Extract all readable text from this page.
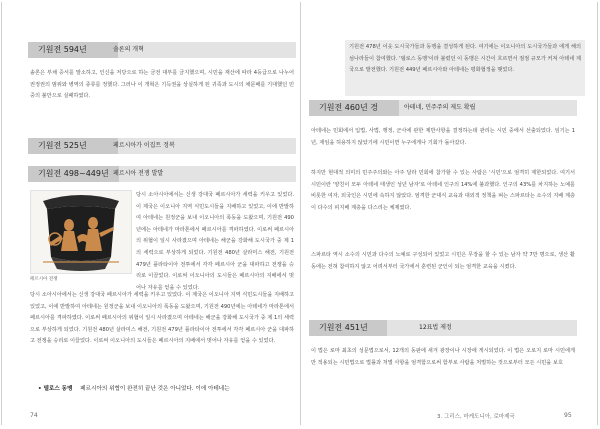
기원전 594년	솔론의 개혁
솔론은 부채 증서를 말소하고, 인신을 저당으로 하는 금전 대부를 금지했으며, 시민을 재산에 따라 4등급으로 나누어 권정권의 범위와 병역의 종류를 정했다. 그러나 이 개혁은 기득권을 상실하게 된 귀족과 도시의 채문배를 기대했던 민중의 불만으로 실패하였다.
기원전 525년	페르시아가 이집트 정복
기원전 498~449년 페르시아 전쟁 발발
페르시아 전쟁
당시 소아시아에서는 신생 강대국 페르시아가 세력을 키우고 있었다. 이 제국은 이오니아 지역 식민도시들을 지배하고 있었고, 이에 반발하여 아테네는 원정군을 보내 이오니아의 폭동을 도왔으며, 기원전 490년에는 아테네가 마라톤에서 페르시아를 격파하였다. 이로써 페르시아의 위협이 일시 사라졌으며 아테네는 해군을 강화해 도시국가 중 제 1의 세력으로 부상하게 되었다. 기원전 480년 살라미스 해전, 기원전 479년 플라타이아 전투에서 각각 페르시아 군을 대파하고 전쟁을 승리로 이끌었다. 이로써 이오니아의 도시들은 페르시아의 지배에서 벗어나 자유를 얻을 수 있었다.
당시 소아시아에서는 신생 강대국 페르시아가 세력을 키우고 있었다. 이 제국은 이오니아 지역 식민도시들을 지배하고 있었고, 이에 반발하여 아테네는 원정군을 보내 이오니아의 폭동을 도왔으며, 기원전 490년에는 아테네가 마라톤에서 페르시아를 격파하였다. 이로써 페르시아의 위협이 일시 사라졌으며 아테네는 해군을 강화해 도시국가 중 제 1의 세력으로 부상하게 되었다. 기원전 480년 살라미스 해전, 기원전 479년 플라타이아 전투에서 각각 페르시아 군을 대파하고 전쟁을 승리로 이끌었다. 이로써 이오니아의 도시들은 페르시아의 지배에서 벗어나 자유를 얻을 수 있었다.
• 델로스 동맹 페르시아의 위협이 완전히 끝난 것은 아니었다. 이에 아테네는
74
기원전 478년 이웃 도시국가들과 동맹을 결성하게 된다. 여기에는 이오니아의 도시국가들과 에게 해의 섬나라들이 참여했다. '델로스 동맹'이라 불렸던 이 동맹은 시간이 흐르면서 점점 규모가 커져 아테네 제국으로 발전했다. 기원전 449년 페르시아와 아테네는 평화협정을 맺었다.
기원전 460년 경	아테네, 민주주의 제도 확립
아테네는 민회에서 입법, 사법, 행정, 군사에 관한 제반사항을 결정하는데 관리는 시민 중에서 선출되었다. 임기는 1년, 재임을 허용하지 않았기에 시민이면 누구에게나 기회가 돌아갔다.
하지만 현대적 의미의 민주주의와는 아주 달라 민회에 참가할 수 있는 사람은 '시민'으로 엄격히 제한되었다. 여기서 시민이란 '양친이 모두 아테네 태생인 성년 남자'로 아테네 인구의 14%에 불과했다. 인구의 43%를 차지하는 노예를 비롯한 여자, 외국인은 시민에 속하지 않았다. 엄격한 군대식 교육과 대외적 정책을 펴는 스파르타는 소수의 지배 계층이 다수의 피지배 계층을 다스리는 체제였다.
스파르타 역시 소수의 시민과 다수의 노예로 구성되어 있었고 시민은 무장을 할 수 있는 남자 약 7만 명으로, 생산 활동에는 전혀 참여하지 않고 어려서부터 국가에서 훈련된 군인이 되는 엄격한 교육을 시켰다.
기원전 451년	12표법 제정
이 법은 로마 최초의 성문법으로서, 12개의 동판에 새겨 광장이나 시장에 게시되었다. 이 법은 오로지 로마 시민에게만 적용되는 시민법으로 법률과 처벌 사항을 엄격함으로써 함부로 사람을 처벌하는 것으로부터 모든 시민을 보호
3. 그리스, 마케도니아, 로마제국	95
